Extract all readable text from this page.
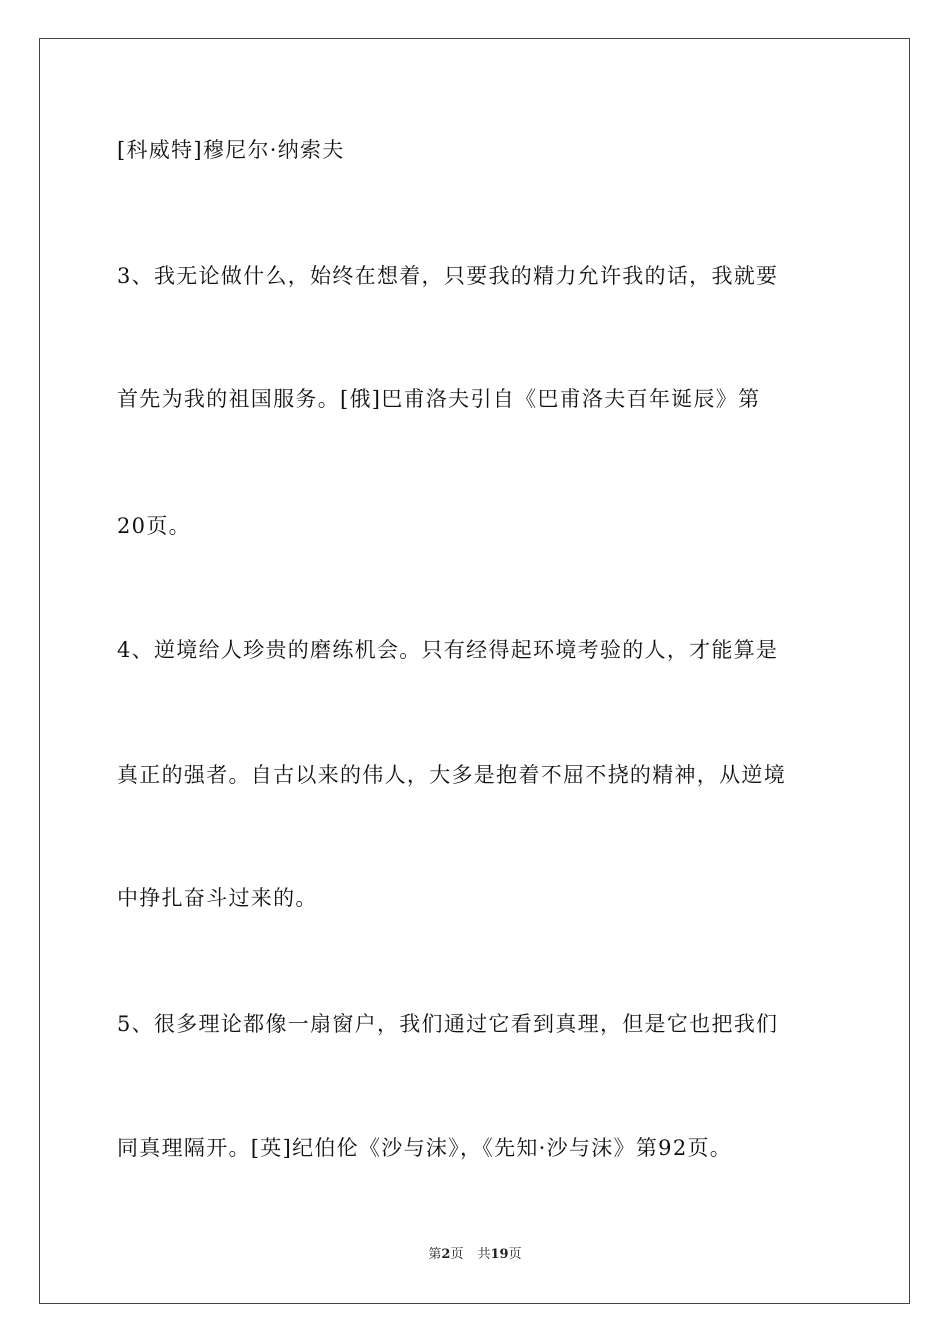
[科威特]穆尼尔·纳索夫
3、我无论做什么，始终在想着，只要我的精力允许我的话，我就要
首先为我的祖国服务。[俄]巴甫洛夫引自《巴甫洛夫百年诞辰》第
20页。
4、逆境给人珍贵的磨练机会。只有经得起环境考验的人，才能算是
真正的强者。自古以来的伟人，大多是抱着不屈不挠的精神，从逆境
中挣扎奋斗过来的。
5、很多理论都像一扇窗户，我们通过它看到真理，但是它也把我们
同真理隔开。[英]纪伯伦《沙与沫》，《先知·沙与沫》第92页。
第2页 共19页
